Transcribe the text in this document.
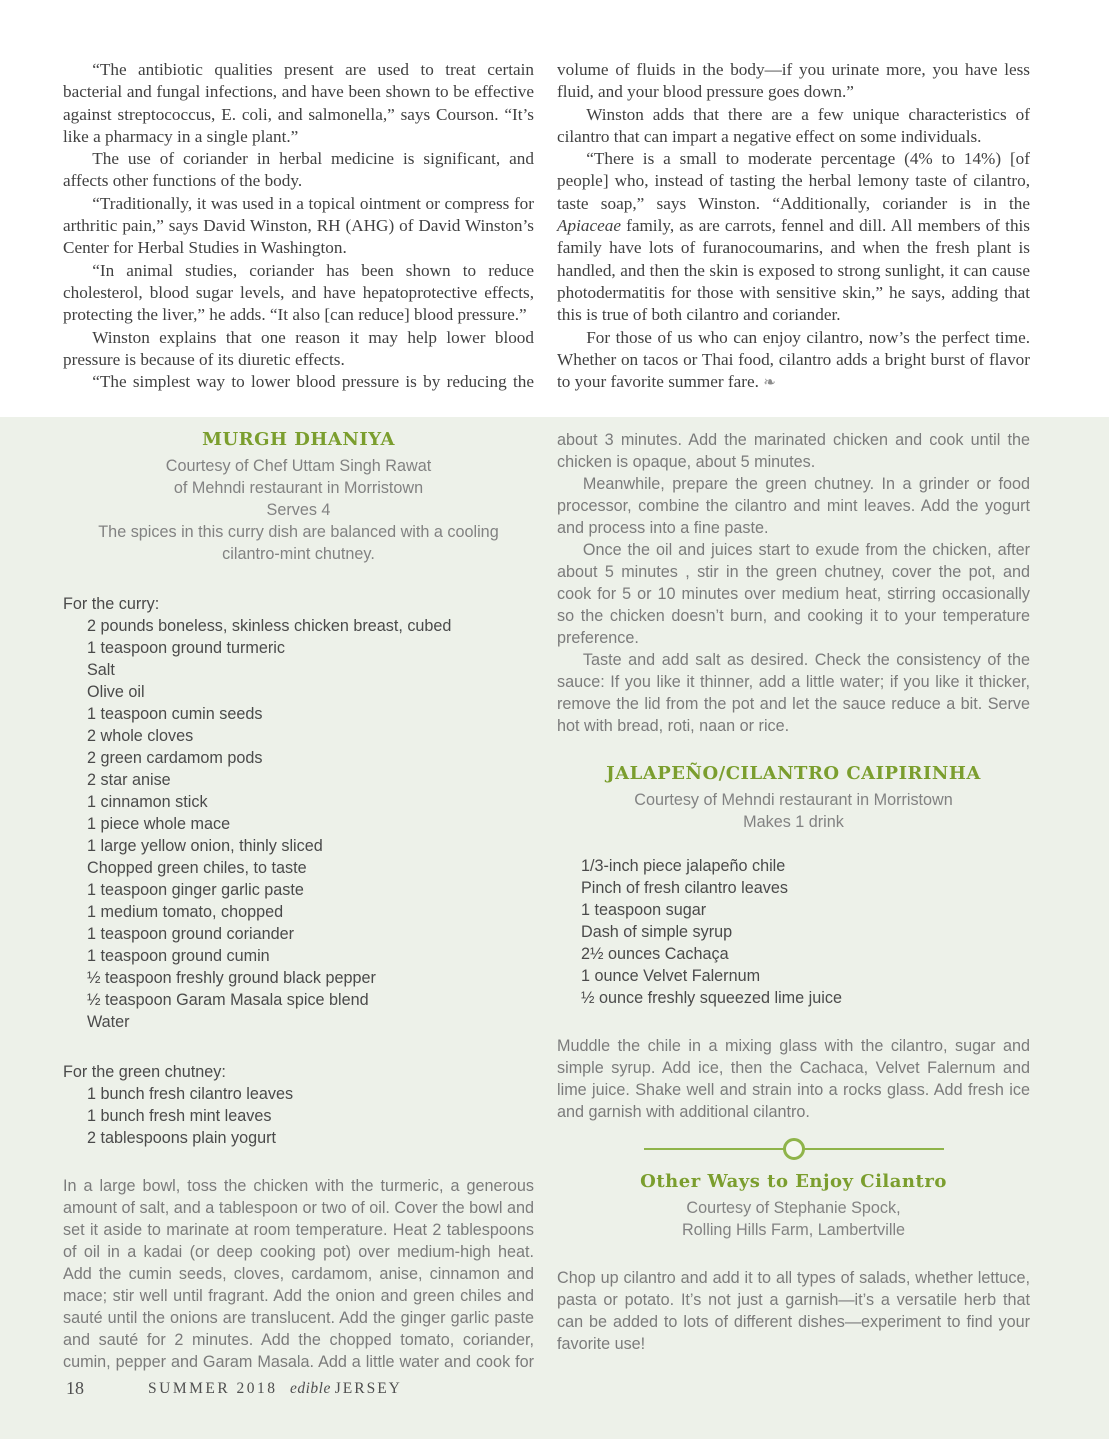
“The antibiotic qualities present are used to treat certain bacterial and fungal infections, and have been shown to be effective against streptococcus, E. coli, and salmonella,” says Courson. “It’s like a pharmacy in a single plant.”

The use of coriander in herbal medicine is significant, and affects other functions of the body.

“Traditionally, it was used in a topical ointment or compress for arthritic pain,” says David Winston, RH (AHG) of David Winston’s Center for Herbal Studies in Washington.

“In animal studies, coriander has been shown to reduce cholesterol, blood sugar levels, and have hepatoprotective effects, protecting the liver,” he adds. “It also [can reduce] blood pressure.”

Winston explains that one reason it may help lower blood pressure is because of its diuretic effects.

“The simplest way to lower blood pressure is by reducing the

volume of fluids in the body—if you urinate more, you have less fluid, and your blood pressure goes down.”

Winston adds that there are a few unique characteristics of cilantro that can impart a negative effect on some individuals.

“There is a small to moderate percentage (4% to 14%) [of people] who, instead of tasting the herbal lemony taste of cilantro, taste soap,” says Winston. “Additionally, coriander is in the Apiaceae family, as are carrots, fennel and dill. All members of this family have lots of furanocoumarins, and when the fresh plant is handled, and then the skin is exposed to strong sunlight, it can cause photodermatitis for those with sensitive skin,” he says, adding that this is true of both cilantro and coriander.

For those of us who can enjoy cilantro, now’s the perfect time. Whether on tacos or Thai food, cilantro adds a bright burst of flavor to your favorite summer fare. ❧

MURGH DHANIYA

Courtesy of Chef Uttam Singh Rawat

of Mehndi restaurant in Morristown

Serves 4

The spices in this curry dish are balanced with a cooling cilantro-mint chutney.

For the curry:

2 pounds boneless, skinless chicken breast, cubed
1 teaspoon ground turmeric
Salt
Olive oil
1 teaspoon cumin seeds
2 whole cloves
2 green cardamom pods
2 star anise
1 cinnamon stick
1 piece whole mace
1 large yellow onion, thinly sliced
Chopped green chiles, to taste
1 teaspoon ginger garlic paste
1 medium tomato, chopped
1 teaspoon ground coriander
1 teaspoon ground cumin
½ teaspoon freshly ground black pepper
½ teaspoon Garam Masala spice blend
Water

For the green chutney:

1 bunch fresh cilantro leaves
1 bunch fresh mint leaves
2 tablespoons plain yogurt

In a large bowl, toss the chicken with the turmeric, a generous amount of salt, and a tablespoon or two of oil. Cover the bowl and set it aside to marinate at room temperature. Heat 2 tablespoons of oil in a kadai (or deep cooking pot) over medium-high heat. Add the cumin seeds, cloves, cardamom, anise, cinnamon and mace; stir well until fragrant. Add the onion and green chiles and sauté until the onions are translucent. Add the ginger garlic paste and sauté for 2 minutes. Add the chopped tomato, coriander, cumin, pepper and Garam Masala. Add a little water and cook for

about 3 minutes. Add the marinated chicken and cook until the chicken is opaque, about 5 minutes.

Meanwhile, prepare the green chutney. In a grinder or food processor, combine the cilantro and mint leaves. Add the yogurt and process into a fine paste.

Once the oil and juices start to exude from the chicken, after about 5 minutes , stir in the green chutney, cover the pot, and cook for 5 or 10 minutes over medium heat, stirring occasionally so the chicken doesn’t burn, and cooking it to your temperature preference.

Taste and add salt as desired. Check the consistency of the sauce: If you like it thinner, add a little water; if you like it thicker, remove the lid from the pot and let the sauce reduce a bit. Serve hot with bread, roti, naan or rice.

JALAPEÑO/CILANTRO CAIPIRINHA

Courtesy of Mehndi restaurant in Morristown

Makes 1 drink

1/3-inch piece jalapeño chile
Pinch of fresh cilantro leaves
1 teaspoon sugar
Dash of simple syrup
2½ ounces Cachaça
1 ounce Velvet Falernum
½ ounce freshly squeezed lime juice

Muddle the chile in a mixing glass with the cilantro, sugar and simple syrup. Add ice, then the Cachaca, Velvet Falernum and lime juice. Shake well and strain into a rocks glass. Add fresh ice and garnish with additional cilantro.

Other Ways to Enjoy Cilantro

Courtesy of Stephanie Spock,

Rolling Hills Farm, Lambertville

Chop up cilantro and add it to all types of salads, whether lettuce, pasta or potato. It’s not just a garnish—it’s a versatile herb that can be added to lots of different dishes—experiment to find your favorite use!

18	SUMMER 2018 edible JERSEY
